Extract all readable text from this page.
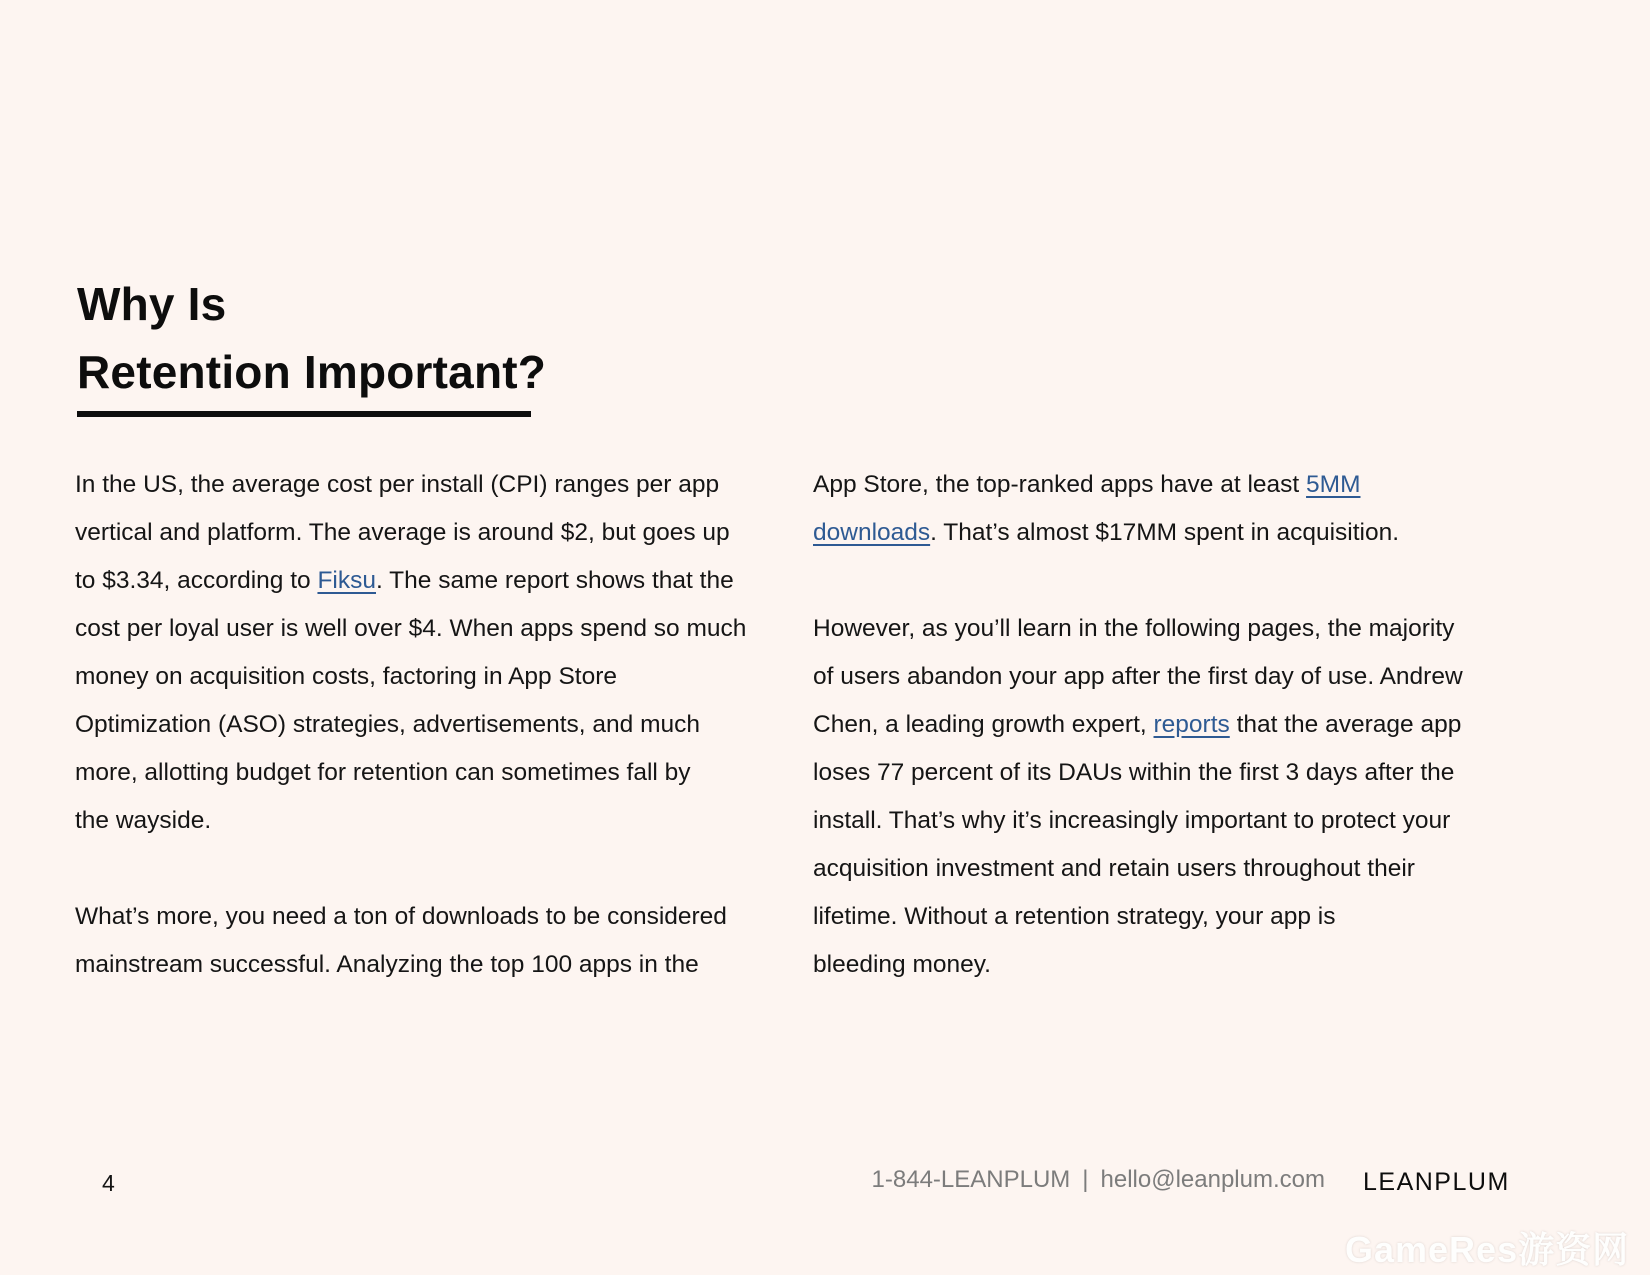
Why Is
Retention Important?

In the US, the average cost per install (CPI) ranges per app
vertical and platform. The average is around $2, but goes up
to $3.34, according to Fiksu. The same report shows that the
cost per loyal user is well over $4. When apps spend so much
money on acquisition costs, factoring in App Store
Optimization (ASO) strategies, advertisements, and much
more, allotting budget for retention can sometimes fall by
the wayside.

What’s more, you need a ton of downloads to be considered
mainstream successful. Analyzing the top 100 apps in the

App Store, the top-ranked apps have at least 5MM
downloads. That’s almost $17MM spent in acquisition.

However, as you’ll learn in the following pages, the majority
of users abandon your app after the first day of use. Andrew
Chen, a leading growth expert, reports that the average app
loses 77 percent of its DAUs within the first 3 days after the
install. That’s why it’s increasingly important to protect your
acquisition investment and retain users throughout their
lifetime. Without a retention strategy, your app is
bleeding money.

4	1-844-LEANPLUM | hello@leanplum.com LEANPLUM
GameRes游资网
